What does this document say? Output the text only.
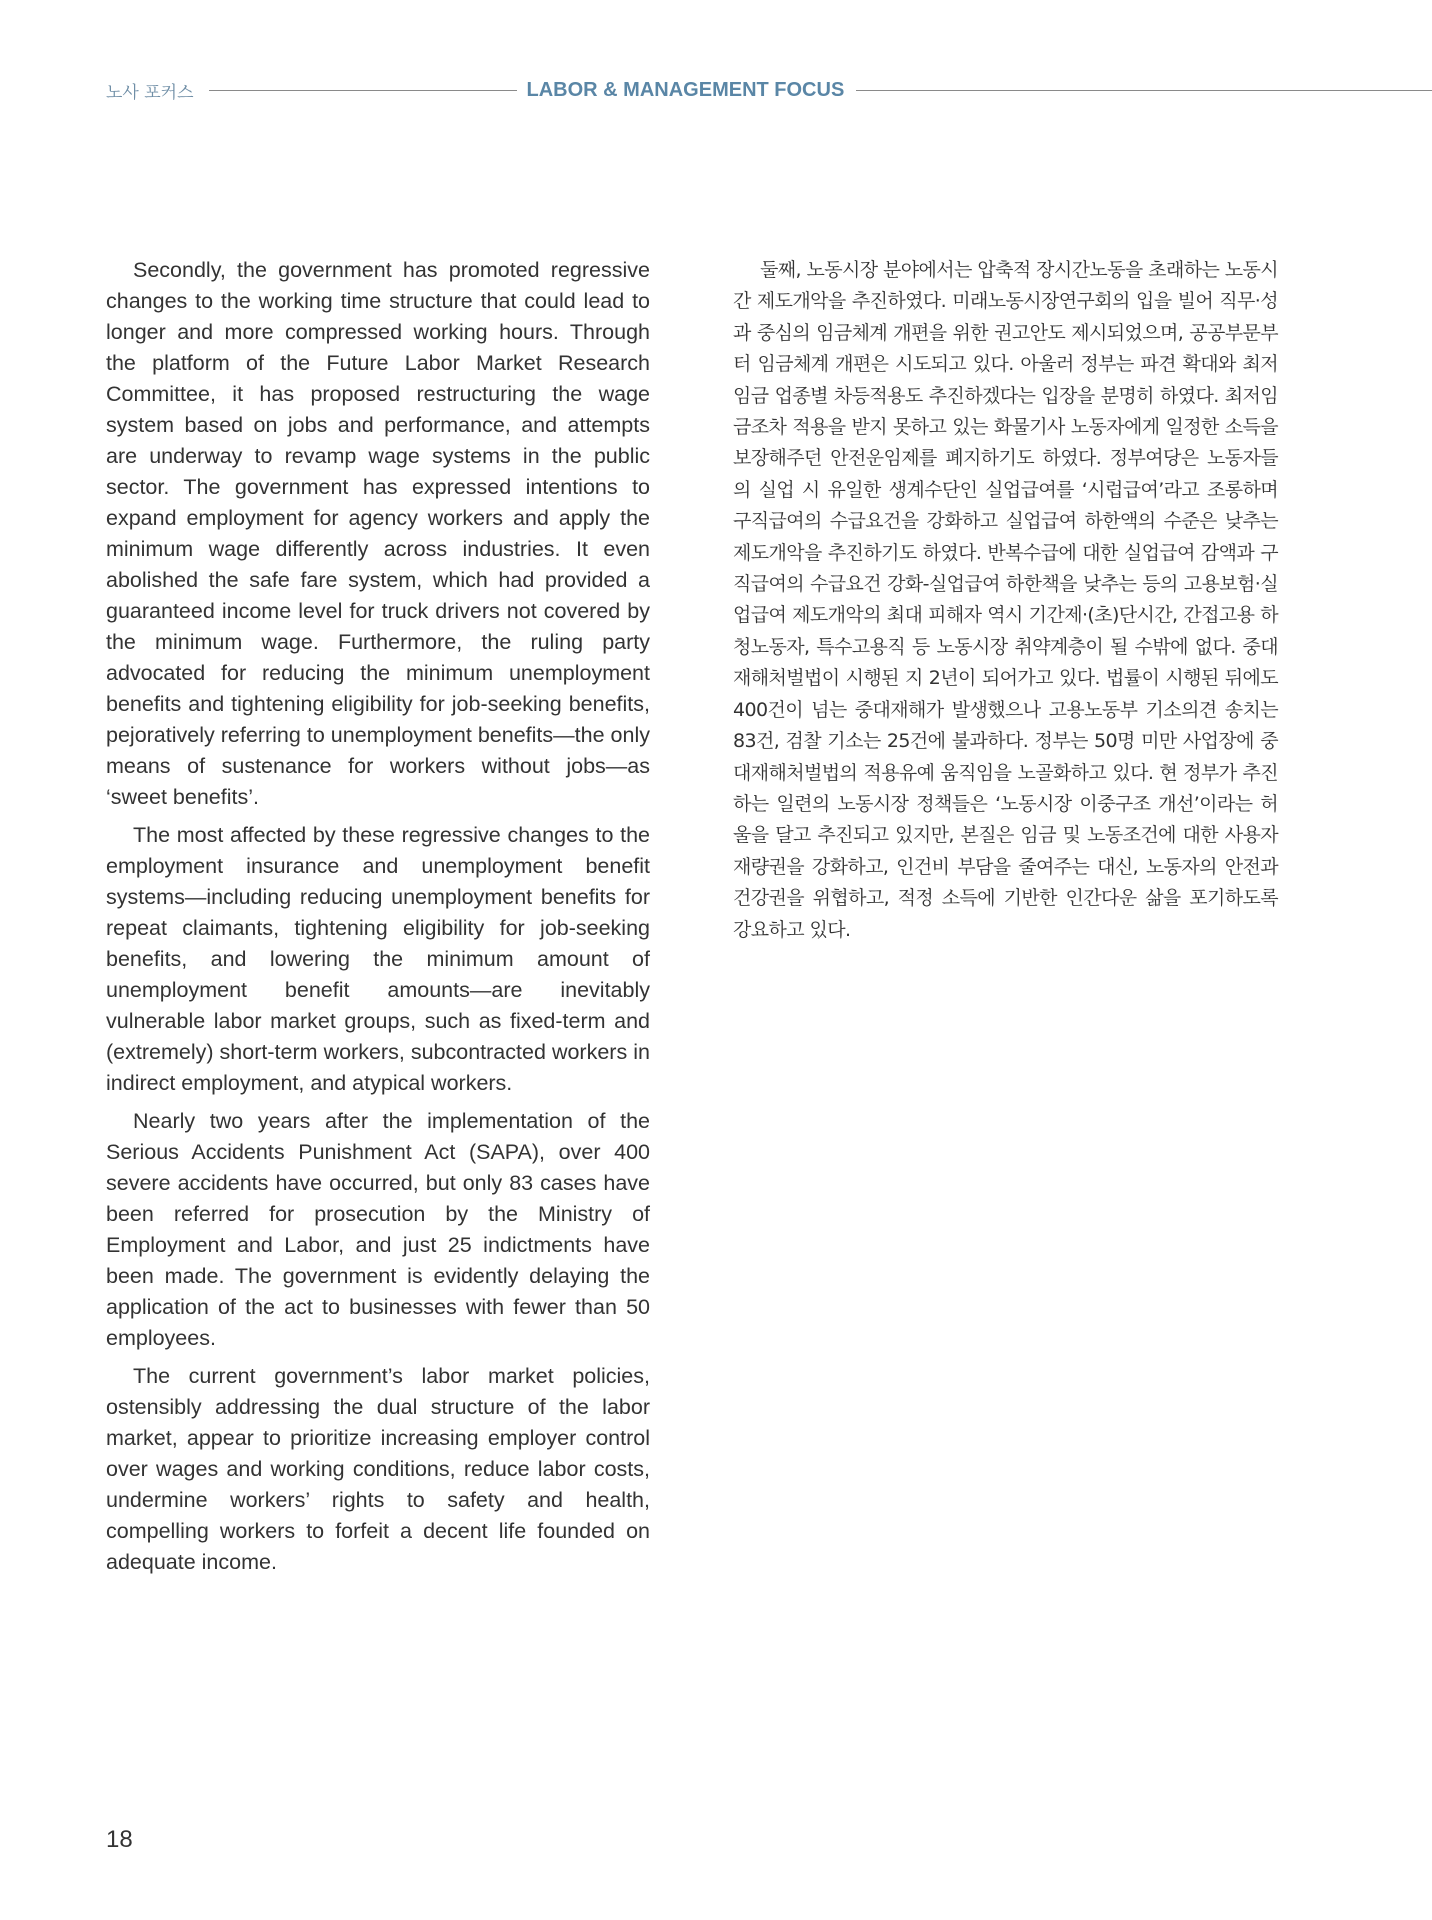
노사 포커스	LABOR & MANAGEMENT FOCUS

Secondly, the government has promoted regressive changes to the working time structure that could lead to longer and more compressed working hours. Through the platform of the Future Labor Market Research Committee, it has proposed restructuring the wage system based on jobs and performance, and attempts are underway to revamp wage systems in the public sector. The government has expressed intentions to expand employment for agency workers and apply the minimum wage differently across industries. It even abolished the safe fare system, which had provided a guaranteed income level for truck drivers not covered by the minimum wage. Furthermore, the ruling party advocated for reducing the minimum unemployment benefits and tightening eligibility for job-seeking benefits, pejoratively referring to unemployment benefits—the only means of sustenance for workers without jobs—as ‘sweet benefits’.

The most affected by these regressive changes to the employment insurance and unemployment benefit systems—including reducing unemployment benefits for repeat claimants, tightening eligibility for job-seeking benefits, and lowering the minimum amount of unemployment benefit amounts—are inevitably vulnerable labor market groups, such as fixed-term and (extremely) short-term workers, subcontracted workers in indirect employment, and atypical workers.

Nearly two years after the implementation of the Serious Accidents Punishment Act (SAPA), over 400 severe accidents have occurred, but only 83 cases have been referred for prosecution by the Ministry of Employment and Labor, and just 25 indictments have been made. The government is evidently delaying the application of the act to businesses with fewer than 50 employees.

The current government’s labor market policies, ostensibly addressing the dual structure of the labor market, appear to prioritize increasing employer control over wages and working conditions, reduce labor costs, undermine workers’ rights to safety and health, compelling workers to forfeit a decent life founded on adequate income.

둘째, 노동시장 분야에서는 압축적 장시간노동을 초래하는 노동시간 제도개악을 추진하였다. 미래노동시장연구회의 입을 빌어 직무·성과 중심의 임금체계 개편을 위한 권고안도 제시되었으며, 공공부문부터 임금체계 개편은 시도되고 있다. 아울러 정부는 파견 확대와 최저임금 업종별 차등적용도 추진하겠다는 입장을 분명히 하였다. 최저임금조차 적용을 받지 못하고 있는 화물기사 노동자에게 일정한 소득을 보장해주던 안전운임제를 폐지하기도 하였다. 정부여당은 노동자들의 실업 시 유일한 생계수단인 실업급여를 ‘시럽급여’라고 조롱하며 구직급여의 수급요건을 강화하고 실업급여 하한액의 수준은 낮추는 제도개악을 추진하기도 하였다. 반복수급에 대한 실업급여 감액과 구직급여의 수급요건 강화-실업급여 하한책을 낮추는 등의 고용보험·실업급여 제도개악의 최대 피해자 역시 기간제·(초)단시간, 간접고용 하청노동자, 특수고용직 등 노동시장 취약계층이 될 수밖에 없다. 중대재해처벌법이 시행된 지 2년이 되어가고 있다. 법률이 시행된 뒤에도 400건이 넘는 중대재해가 발생했으나 고용노동부 기소의견 송치는 83건, 검찰 기소는 25건에 불과하다. 정부는 50명 미만 사업장에 중대재해처벌법의 적용유예 움직임을 노골화하고 있다. 현 정부가 추진하는 일련의 노동시장 정책들은 ‘노동시장 이중구조 개선’이라는 허울을 달고 추진되고 있지만, 본질은 임금 및 노동조건에 대한 사용자 재량권을 강화하고, 인건비 부담을 줄여주는 대신, 노동자의 안전과 건강권을 위협하고, 적정 소득에 기반한 인간다운 삶을 포기하도록 강요하고 있다.

18
